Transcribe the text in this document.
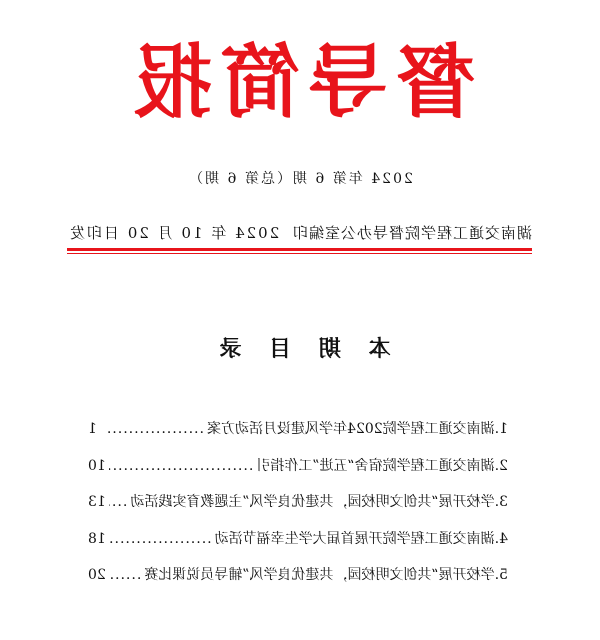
督导简报
2024 年第 6 期（总第 6 期）
湖南交通工程学院督导办公室编印
2024 年 10 月 20 日印发
本 期 目 录
1.湖南交通工程学院2024年学风建设月活动方案
.....
1
2.湖南交通工程学院宿舍“五进”工作指引
.....
10
3.学校开展“共创文明校园，共建优良学风”主题教育实践活动
.....
13
4.湖南交通工程学院开展首届大学生幸福节活动
.....
18
5.学校开展“共创文明校园，共建优良学风”辅导员说课比赛
.....
20
